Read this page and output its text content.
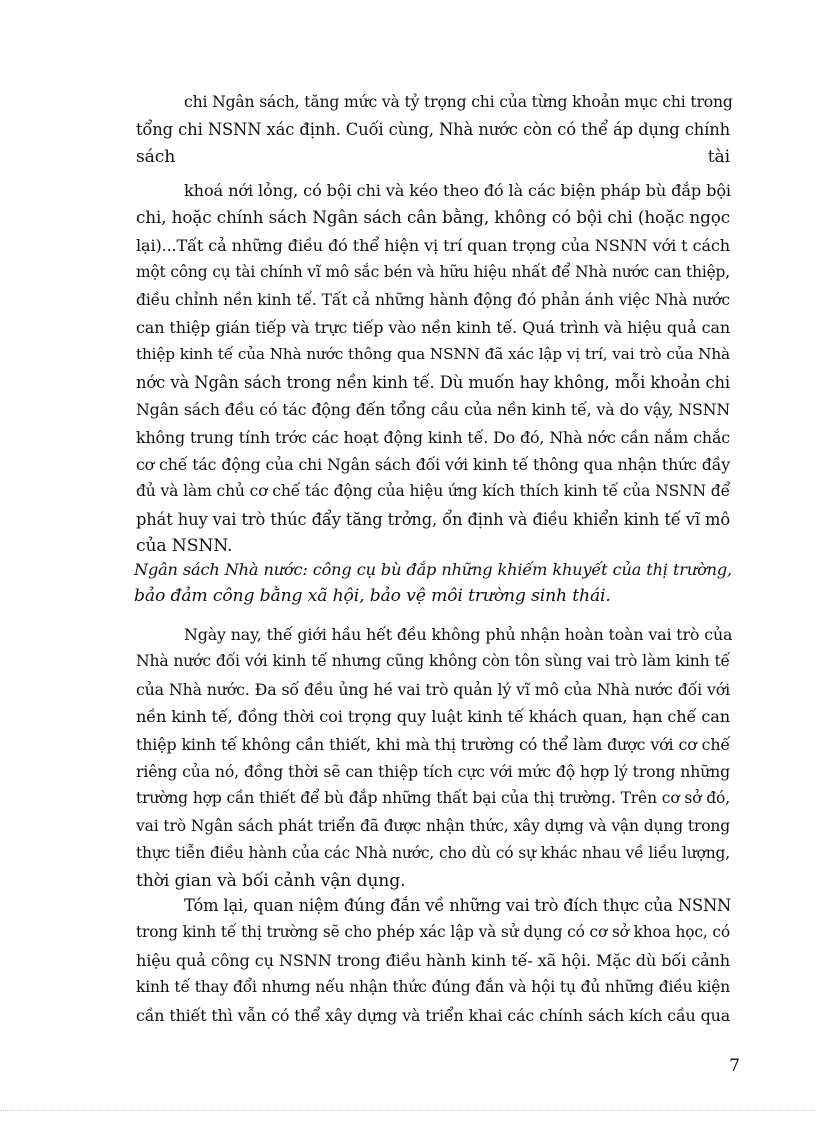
chi Ngân sách, tăng mức và tỷ trọng chi của từng khoản mục chi trong
tổng chi NSNN xác định. Cuối cùng, Nhà nước còn có thể áp dụng chính
sách	tài
khoá nới lỏng, có bội chi và kéo theo đó là các biện pháp bù đắp bội
chi, hoặc chính sách Ngân sách cân bằng, không có bội chi (hoặc ngọc
lại)...Tất cả những điều đó thể hiện vị trí quan trọng của NSNN với t cách
một công cụ tài chính vĩ mô sắc bén và hữu hiệu nhất để Nhà nước can thiệp,
điều chỉnh nền kinh tế. Tất cả những hành động đó phản ánh việc Nhà nước
can thiệp gián tiếp và trực tiếp vào nền kinh tế. Quá trình và hiệu quả can
thiệp kinh tế của Nhà nước thông qua NSNN đã xác lập vị trí, vai trò của Nhà
nớc và Ngân sách trong nền kinh tế. Dù muốn hay không, mỗi khoản chi
Ngân sách đều có tác động đến tổng cầu của nền kinh tế, và do vậy, NSNN
không trung tính trớc các hoạt động kinh tế. Do đó, Nhà nớc cần nắm chắc
cơ chế tác động của chi Ngân sách đối với kinh tế thông qua nhận thức đầy
đủ và làm chủ cơ chế tác động của hiệu ứng kích thích kinh tế của NSNN để
phát huy vai trò thúc đẩy tăng trởng, ổn định và điều khiển kinh tế vĩ mô
của NSNN.
Ngân sách Nhà nước: công cụ bù đắp những khiếm khuyết của thị trường,
bảo đảm công bằng xã hội, bảo vệ môi trường sinh thái.
Ngày nay, thế giới hầu hết đều không phủ nhận hoàn toàn vai trò của
Nhà nước đối với kinh tế nhưng cũng không còn tôn sùng vai trò làm kinh tế
của Nhà nước. Đa số đều ủng hé vai trò quản lý vĩ mô của Nhà nước đối với
nền kinh tế, đồng thời coi trọng quy luật kinh tế khách quan, hạn chế can
thiệp kinh tế không cần thiết, khi mà thị trường có thể làm được với cơ chế
riêng của nó, đồng thời sẽ can thiệp tích cực với mức độ hợp lý trong những
trường hợp cần thiết để bù đắp những thất bại của thị trường. Trên cơ sở đó,
vai trò Ngân sách phát triển đã được nhận thức, xây dựng và vận dụng trong
thực tiễn điều hành của các Nhà nước, cho dù có sự khác nhau về liều lượng,
thời gian và bối cảnh vận dụng.
Tóm lại, quan niệm đúng đắn về những vai trò đích thực của NSNN
trong kinh tế thị trường sẽ cho phép xác lập và sử dụng có cơ sở khoa học, có
hiệu quả công cụ NSNN trong điều hành kinh tế- xã hội. Mặc dù bối cảnh
kinh tế thay đổi nhưng nếu nhận thức đúng đắn và hội tụ đủ những điều kiện
cần thiết thì vẫn có thể xây dựng và triển khai các chính sách kích cầu qua
7
